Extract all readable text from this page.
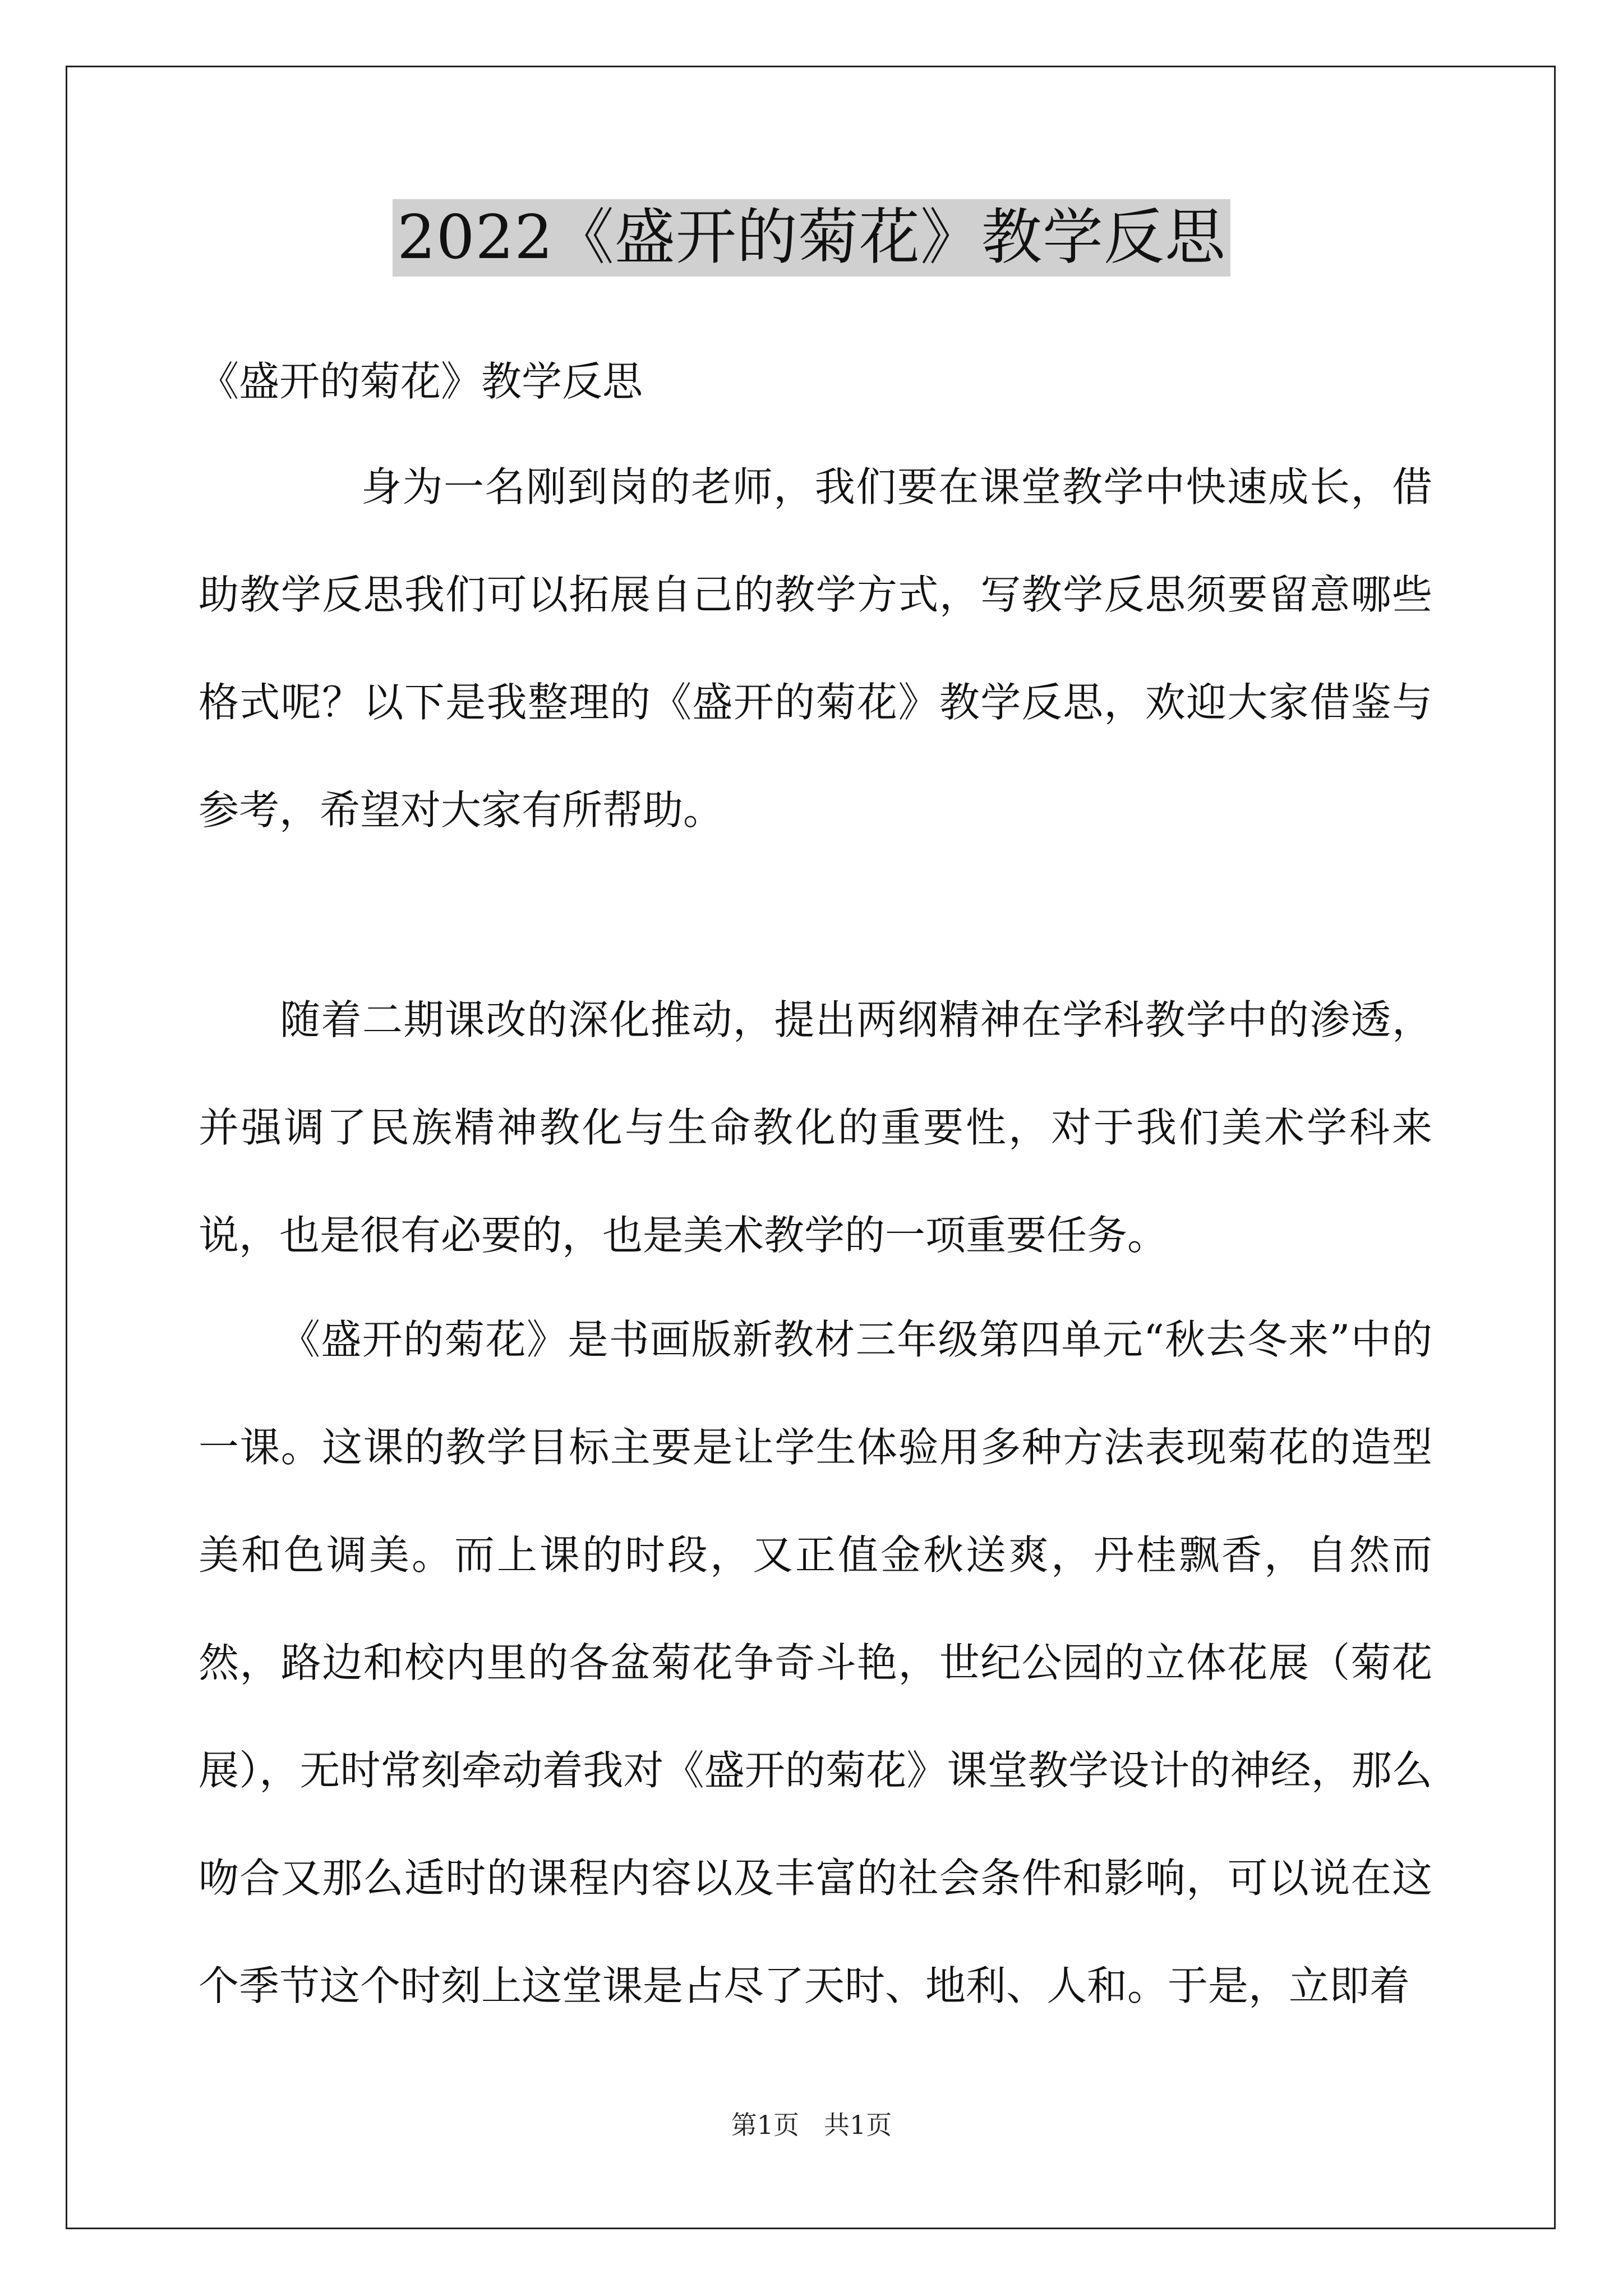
2022《盛开的菊花》教学反思
《盛开的菊花》教学反思

身为一名刚到岗的老师，我们要在课堂教学中快速成长，借助教学反思我们可以拓展自己的教学方式，写教学反思须要留意哪些格式呢？以下是我整理的《盛开的菊花》教学反思，欢迎大家借鉴与参考，希望对大家有所帮助。

随着二期课改的深化推动，提出两纲精神在学科教学中的渗透，并强调了民族精神教化与生命教化的重要性，对于我们美术学科来说，也是很有必要的，也是美术教学的一项重要任务。

《盛开的菊花》是书画版新教材三年级第四单元“秋去冬来”中的一课。这课的教学目标主要是让学生体验用多种方法表现菊花的造型美和色调美。而上课的时段，又正值金秋送爽，丹桂飘香，自然而然，路边和校内里的各盆菊花争奇斗艳，世纪公园的立体花展（菊花展），无时常刻牵动着我对《盛开的菊花》课堂教学设计的神经，那么吻合又那么适时的课程内容以及丰富的社会条件和影响，可以说在这个季节这个时刻上这堂课是占尽了天时、地利、人和。于是，立即着

第1页 共1页
